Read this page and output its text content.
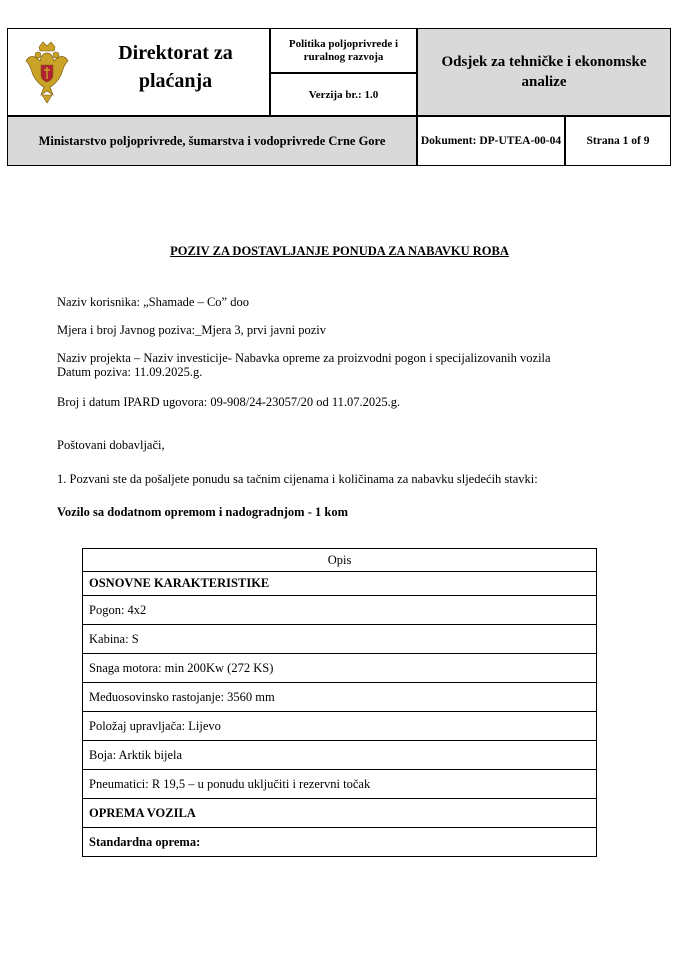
Direktorat za plaćanja
Politika poljoprivrede i ruralnog razvoja
Verzija br.: 1.0
Odsjek za tehničke i ekonomske analize
Ministarstvo poljoprivrede, šumarstva i vodoprivrede Crne Gore	Dokument: DP-UTEA-00-04	Strana 1 of 9
POZIV ZA DOSTAVLJANJE PONUDA ZA NABAVKU ROBA
Naziv korisnika: „Shamade – Co” doo
Mjera i broj Javnog poziva:_Mjera 3, prvi javni poziv
Naziv projekta – Naziv investicije- Nabavka opreme za proizvodni pogon i specijalizovanih vozila
Datum poziva: 11.09.2025.g.
Broj i datum IPARD ugovora: 09-908/24-23057/20 od 11.07.2025.g.
Poštovani dobavljači,
1. Pozvani ste da pošaljete ponudu sa tačnim cijenama i količinama za nabavku sljedećih stavki:
Vozilo sa dodatnom opremom i nadogradnjom - 1 kom
Opis
OSNOVNE KARAKTERISTIKE
Pogon: 4x2
Kabina: S
Snaga motora: min 200Kw (272 KS)
Međuosovinsko rastojanje: 3560 mm
Položaj upravljača: Lijevo
Boja: Arktik bijela
Pneumatici: R 19,5 – u ponudu uključiti i rezervni točak
OPREMA VOZILA
Standardna oprema:
